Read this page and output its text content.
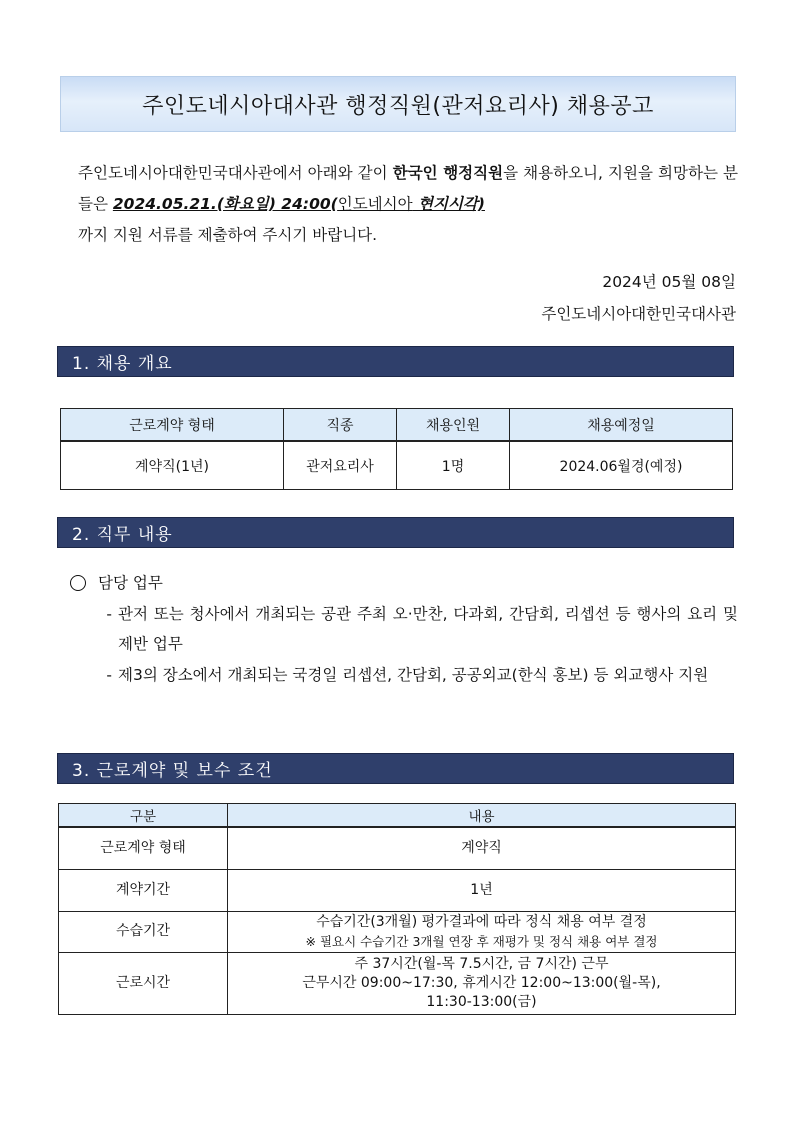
주인도네시아대사관 행정직원(관저요리사) 채용공고

주인도네시아대한민국대사관에서 아래와 같이 한국인 행정직원을 채용하오니, 지원을 희망하는 분들은 2024.05.21.(화요일) 24:00(인도네시아 현지시각)
까지 지원 서류를 제출하여 주시기 바랍니다.

2024년 05월 08일
주인도네시아대한민국대사관
1. 채용 개요
근로계약 형태	직종	채용인원	채용예정일
계약직(1년)	관저요리사	1명	2024.06월경(예정)
2. 직무 내용
담당 업무
- 관저 또는 청사에서 개최되는 공관 주최 오·만찬, 다과회, 간담회, 리셉션 등 행사의 요리 및 제반 업무
- 제3의 장소에서 개최되는 국경일 리셉션, 간담회, 공공외교(한식 홍보) 등 외교행사 지원
3. 근로계약 및 보수 조건
구분	내용
근로계약 형태	계약직
계약기간	1년
수습기간	수습기간(3개월) 평가결과에 따라 정식 채용 여부 결정
※ 필요시 수습기간 3개월 연장 후 재평가 및 정식 채용 여부 결정

근로시간	주 37시간(월-목 7.5시간, 금 7시간) 근무
근무시간 09:00~17:30, 휴게시간 12:00~13:00(월-목),
11:30-13:00(금)
